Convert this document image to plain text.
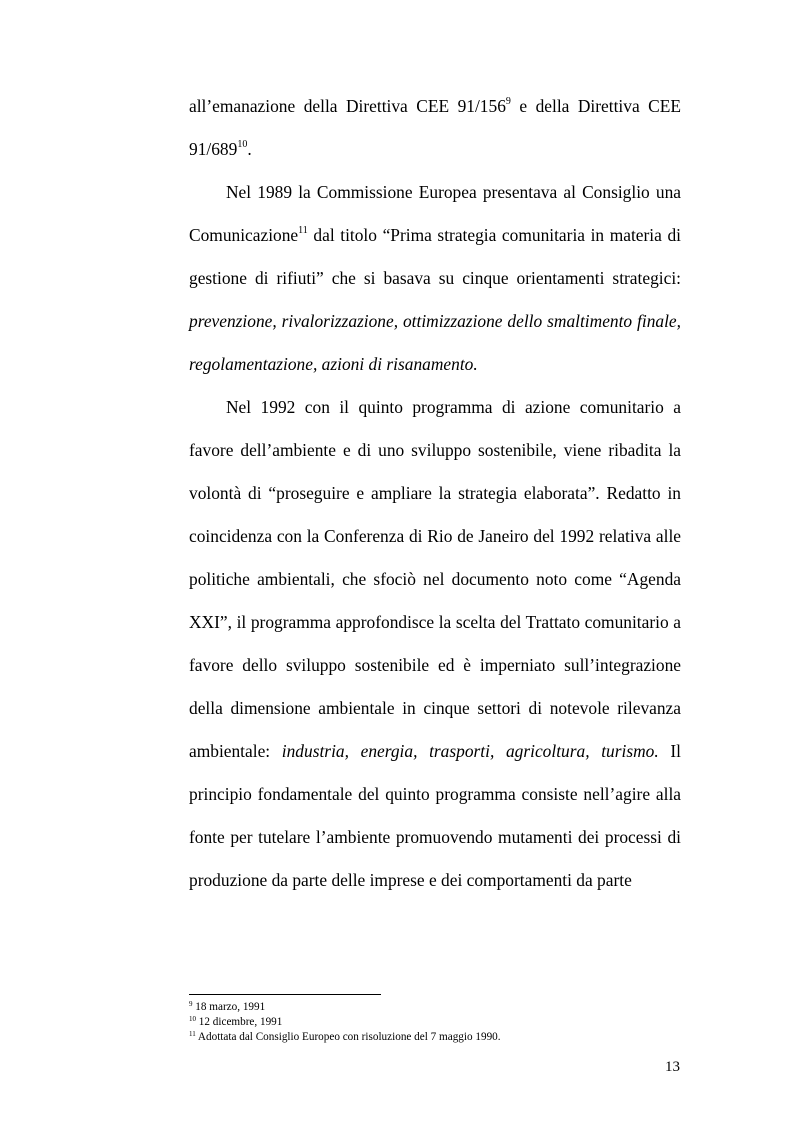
all’emanazione della Direttiva CEE 91/156$^9$ e della Direttiva CEE 91/689$^{10}$.

Nel 1989 la Commissione Europea presentava al Consiglio una Comunicazione$^{11}$ dal titolo “Prima strategia comunitaria in materia di gestione di rifiuti” che si basava su cinque orientamenti strategici: prevenzione, rivalorizzazione, ottimizzazione dello smaltimento finale, regolamentazione, azioni di risanamento.

Nel 1992 con il quinto programma di azione comunitario a favore dell’ambiente e di uno sviluppo sostenibile, viene ribadita la volontà di “proseguire e ampliare la strategia elaborata”. Redatto in coincidenza con la Conferenza di Rio de Janeiro del 1992 relativa alle politiche ambientali, che sfociò nel documento noto come “Agenda XXI”, il programma approfondisce la scelta del Trattato comunitario a favore dello sviluppo sostenibile ed è imperniato sull’integrazione della dimensione ambientale in cinque settori di notevole rilevanza ambientale: industria, energia, trasporti, agricoltura, turismo. Il principio fondamentale del quinto programma consiste nell’agire alla fonte per tutelare l’ambiente promuovendo mutamenti dei processi di produzione da parte delle imprese e dei comportamenti da parte

$^9$ 18 marzo, 1991
$^{10}$ 12 dicembre, 1991
$^{11}$ Adottata dal Consiglio Europeo con risoluzione del 7 maggio 1990.
13
